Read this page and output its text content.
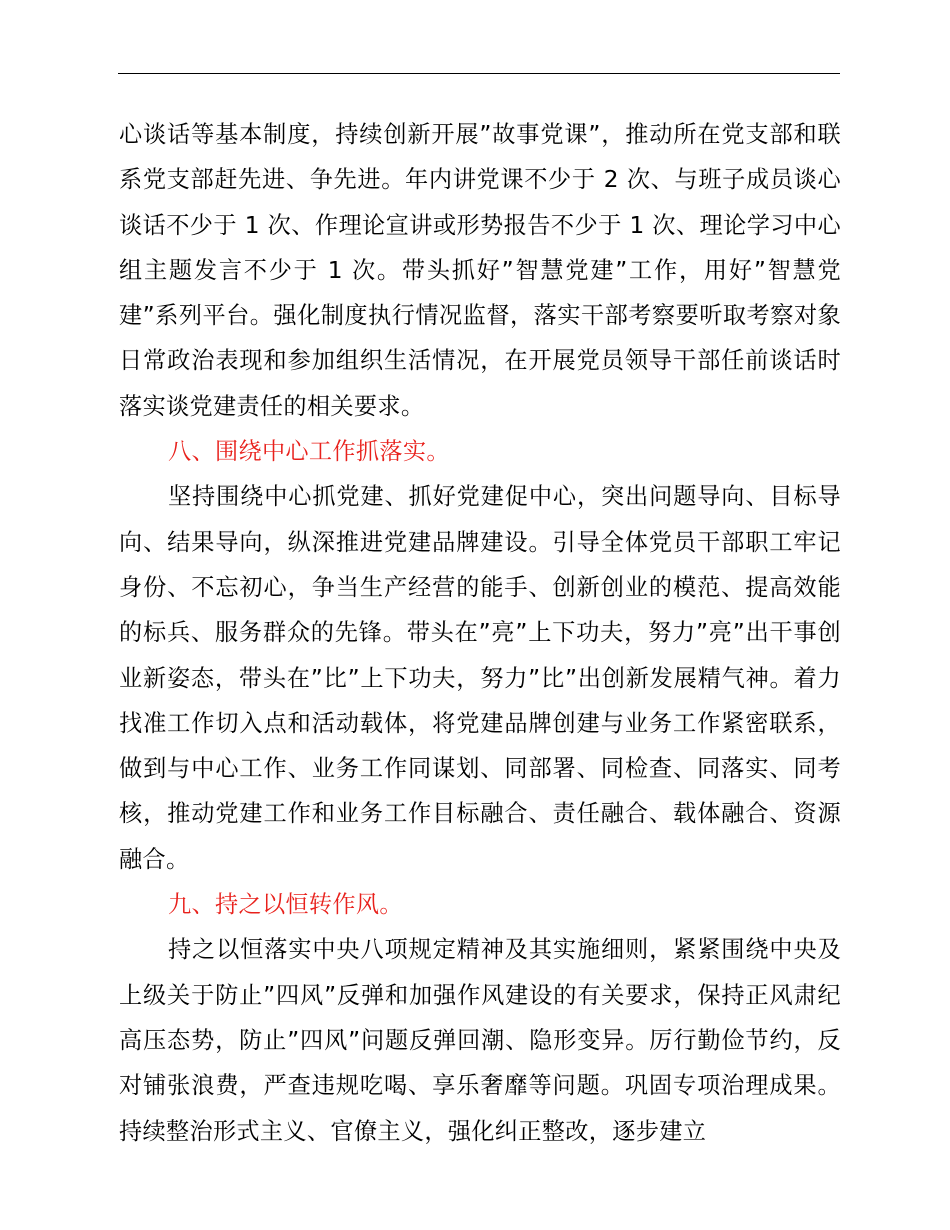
心谈话等基本制度，持续创新开展”故事党课”，推动所在党支部和联系党支部赶先进、争先进。年内讲党课不少于 2 次、与班子成员谈心谈话不少于 1 次、作理论宣讲或形势报告不少于 1 次、理论学习中心组主题发言不少于 1 次。带头抓好”智慧党建”工作，用好”智慧党建”系列平台。强化制度执行情况监督，落实干部考察要听取考察对象日常政治表现和参加组织生活情况，在开展党员领导干部任前谈话时落实谈党建责任的相关要求。

八、围绕中心工作抓落实。

坚持围绕中心抓党建、抓好党建促中心，突出问题导向、目标导向、结果导向，纵深推进党建品牌建设。引导全体党员干部职工牢记身份、不忘初心，争当生产经营的能手、创新创业的模范、提高效能的标兵、服务群众的先锋。带头在”亮”上下功夫，努力”亮”出干事创业新姿态，带头在”比”上下功夫，努力”比”出创新发展精气神。着力找准工作切入点和活动载体，将党建品牌创建与业务工作紧密联系，做到与中心工作、业务工作同谋划、同部署、同检查、同落实、同考核，推动党建工作和业务工作目标融合、责任融合、载体融合、资源融合。

九、持之以恒转作风。

持之以恒落实中央八项规定精神及其实施细则，紧紧围绕中央及上级关于防止”四风”反弹和加强作风建设的有关要求，保持正风肃纪高压态势，防止”四风”问题反弹回潮、隐形变异。厉行勤俭节约，反对铺张浪费，严查违规吃喝、享乐奢靡等问题。巩固专项治理成果。持续整治形式主义、官僚主义，强化纠正整改，逐步建立
